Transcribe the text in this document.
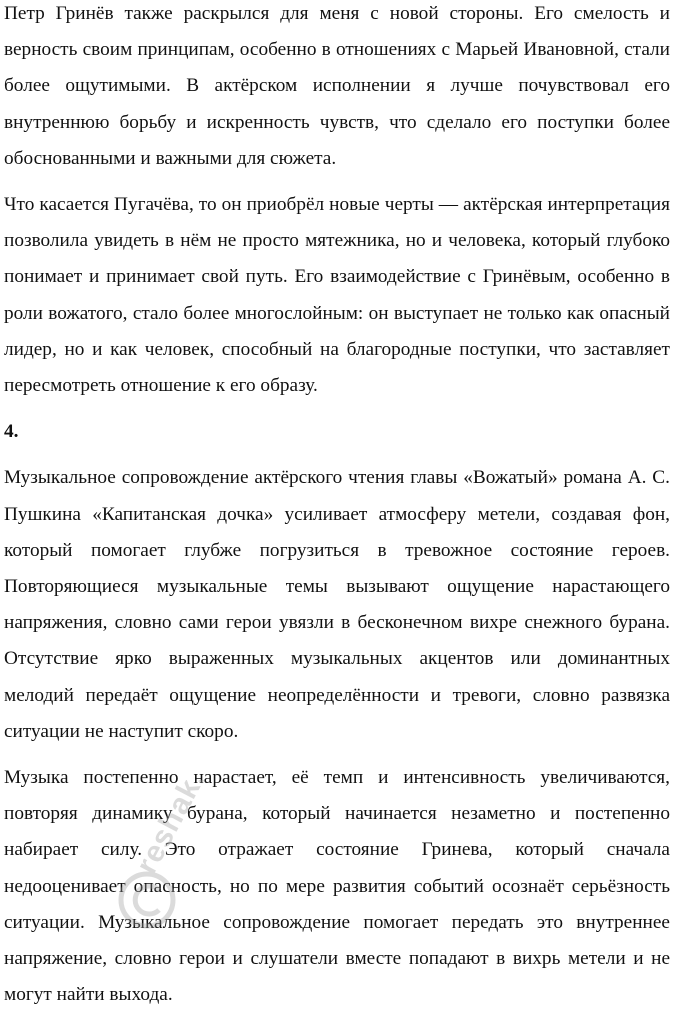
Петр Гринёв также раскрылся для меня с новой стороны. Его смелость и верность своим принципам, особенно в отношениях с Марьей Ивановной, стали более ощутимыми. В актёрском исполнении я лучше почувствовал его внутреннюю борьбу и искренность чувств, что сделало его поступки более обоснованными и важными для сюжета.

Что касается Пугачёва, то он приобрёл новые черты — актёрская интерпретация позволила увидеть в нём не просто мятежника, но и человека, который глубоко понимает и принимает свой путь. Его взаимодействие с Гринёвым, особенно в роли вожатого, стало более многослойным: он выступает не только как опасный лидер, но и как человек, способный на благородные поступки, что заставляет пересмотреть отношение к его образу.

4.

Музыкальное сопровождение актёрского чтения главы «Вожатый» романа А. С. Пушкина «Капитанская дочка» усиливает атмосферу метели, создавая фон, который помогает глубже погрузиться в тревожное состояние героев. Повторяющиеся музыкальные темы вызывают ощущение нарастающего напряжения, словно сами герои увязли в бесконечном вихре снежного бурана. Отсутствие ярко выраженных музыкальных акцентов или доминантных мелодий передаёт ощущение неопределённости и тревоги, словно развязка ситуации не наступит скоро.

Музыка постепенно нарастает, её темп и интенсивность увеличиваются, повторяя динамику бурана, который начинается незаметно и постепенно набирает силу. Это отражает состояние Гринева, который сначала недооценивает опасность, но по мере развития событий осознаёт серьёзность ситуации. Музыкальное сопровождение помогает передать это внутреннее напряжение, словно герои и слушатели вместе попадают в вихрь метели и не могут найти выхода.

reshak.ru
